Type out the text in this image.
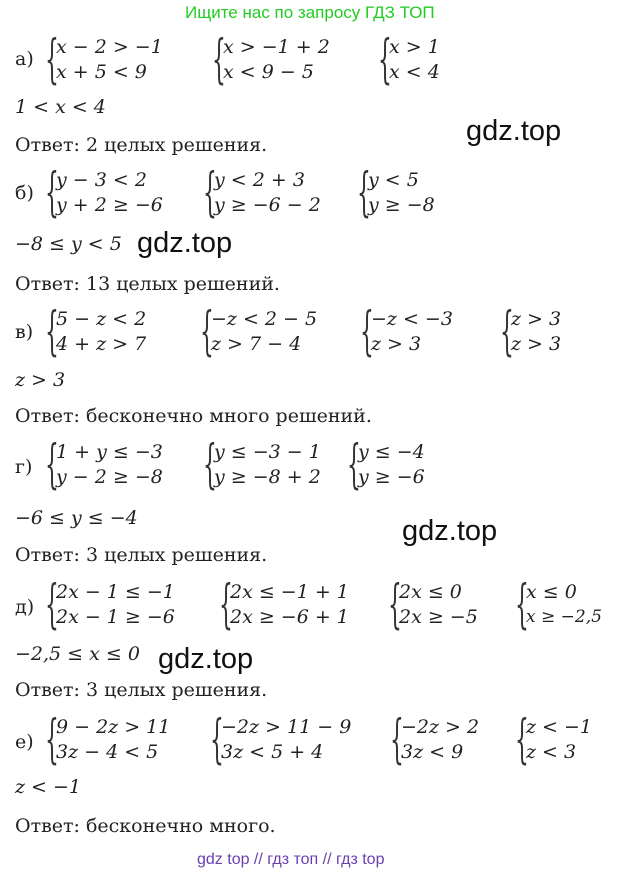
Ищите нас по запросу ГДЗ ТОП
а) {
x − 2 > −1
x + 5 < 9 {
x > −1 + 2
x < 9 − 5 {
x > 1
x < 4
1 < x < 4
gdz.top
Ответ: 2 целых решения.
б) {
y − 3 < 2
y + 2 ≥ −6 {
y < 2 + 3
y ≥ −6 − 2 {
y < 5
y ≥ −8
−8 ≤ y < 5 gdz.top
Ответ: 13 целых решений.
в) {
5 − z < 2
4 + z > 7 {
−z < 2 − 5
z > 7 − 4 {
−z < −3
z > 3 {
z > 3
z > 3
z > 3
Ответ: бесконечно много решений.
г) {
1 + y ≤ −3
y − 2 ≥ −8 {
y ≤ −3 − 1
y ≥ −8 + 2 {
y ≤ −4
y ≥ −6
−6 ≤ y ≤ −4	gdz.top
Ответ: 3 целых решения.
д) {
2x − 1 ≤ −1
2x − 1 ≥ −6 {
2x ≤ −1 + 1
2x ≥ −6 + 1 {
2x ≤ 0
2x ≥ −5 {
x ≤ 0
x ≥ −2,5
−2,5 ≤ x ≤ 0 gdz.top
Ответ: 3 целых решения.
е) {
9 − 2z > 11
3z − 4 < 5 {
−2z > 11 − 9
3z < 5 + 4 {
−2z > 2
3z < 9 {
z < −1
z < 3
z < −1
Ответ: бесконечно много.
gdz top // гдз топ // гдз top
